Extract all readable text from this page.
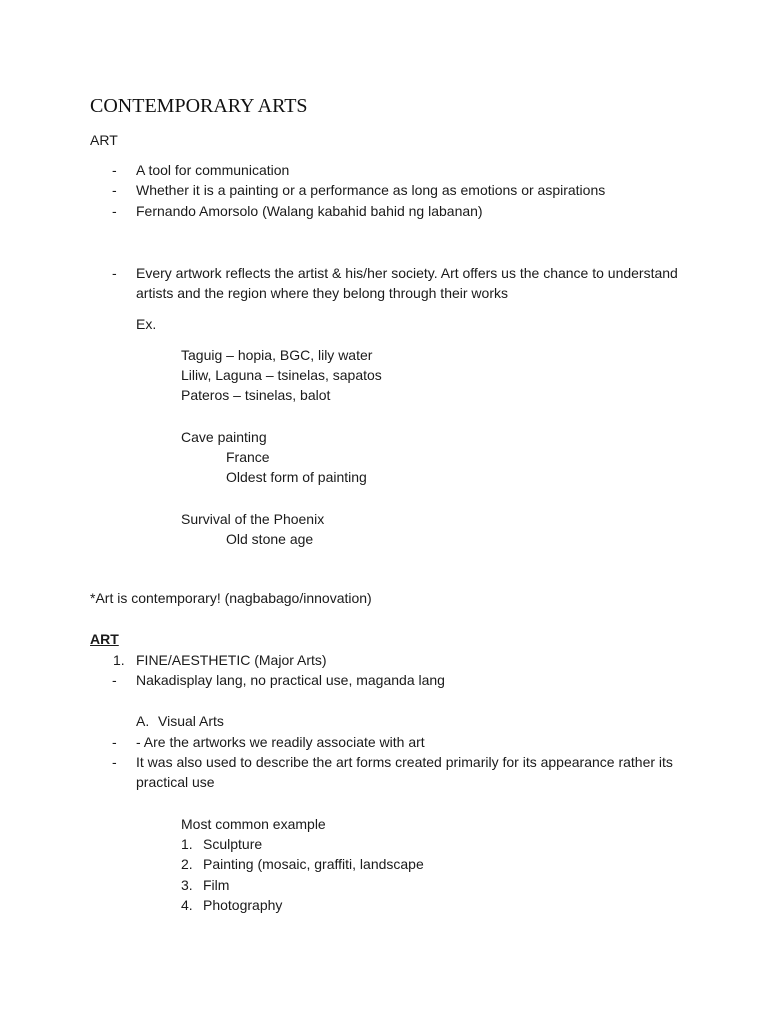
CONTEMPORARY ARTS
ART
- A tool for communication
- Whether it is a painting or a performance as long as emotions or aspirations
- Fernando Amorsolo (Walang kabahid bahid ng labanan)
- Every artwork reflects the artist & his/her society. Art offers us the chance to understand artists and the region where they belong through their works
Ex.
Taguig – hopia, BGC, lily water
Liliw, Laguna – tsinelas, sapatos
Pateros – tsinelas, balot
Cave painting
France
Oldest form of painting
Survival of the Phoenix
Old stone age
*Art is contemporary! (nagbabago/innovation)
ART
1. FINE/AESTHETIC (Major Arts)
- Nakadisplay lang, no practical use, maganda lang
A. Visual Arts
- - Are the artworks we readily associate with art
- It was also used to describe the art forms created primarily for its appearance rather its practical use
Most common example
1. Sculpture
2. Painting (mosaic, graffiti, landscape
3. Film
4. Photography
